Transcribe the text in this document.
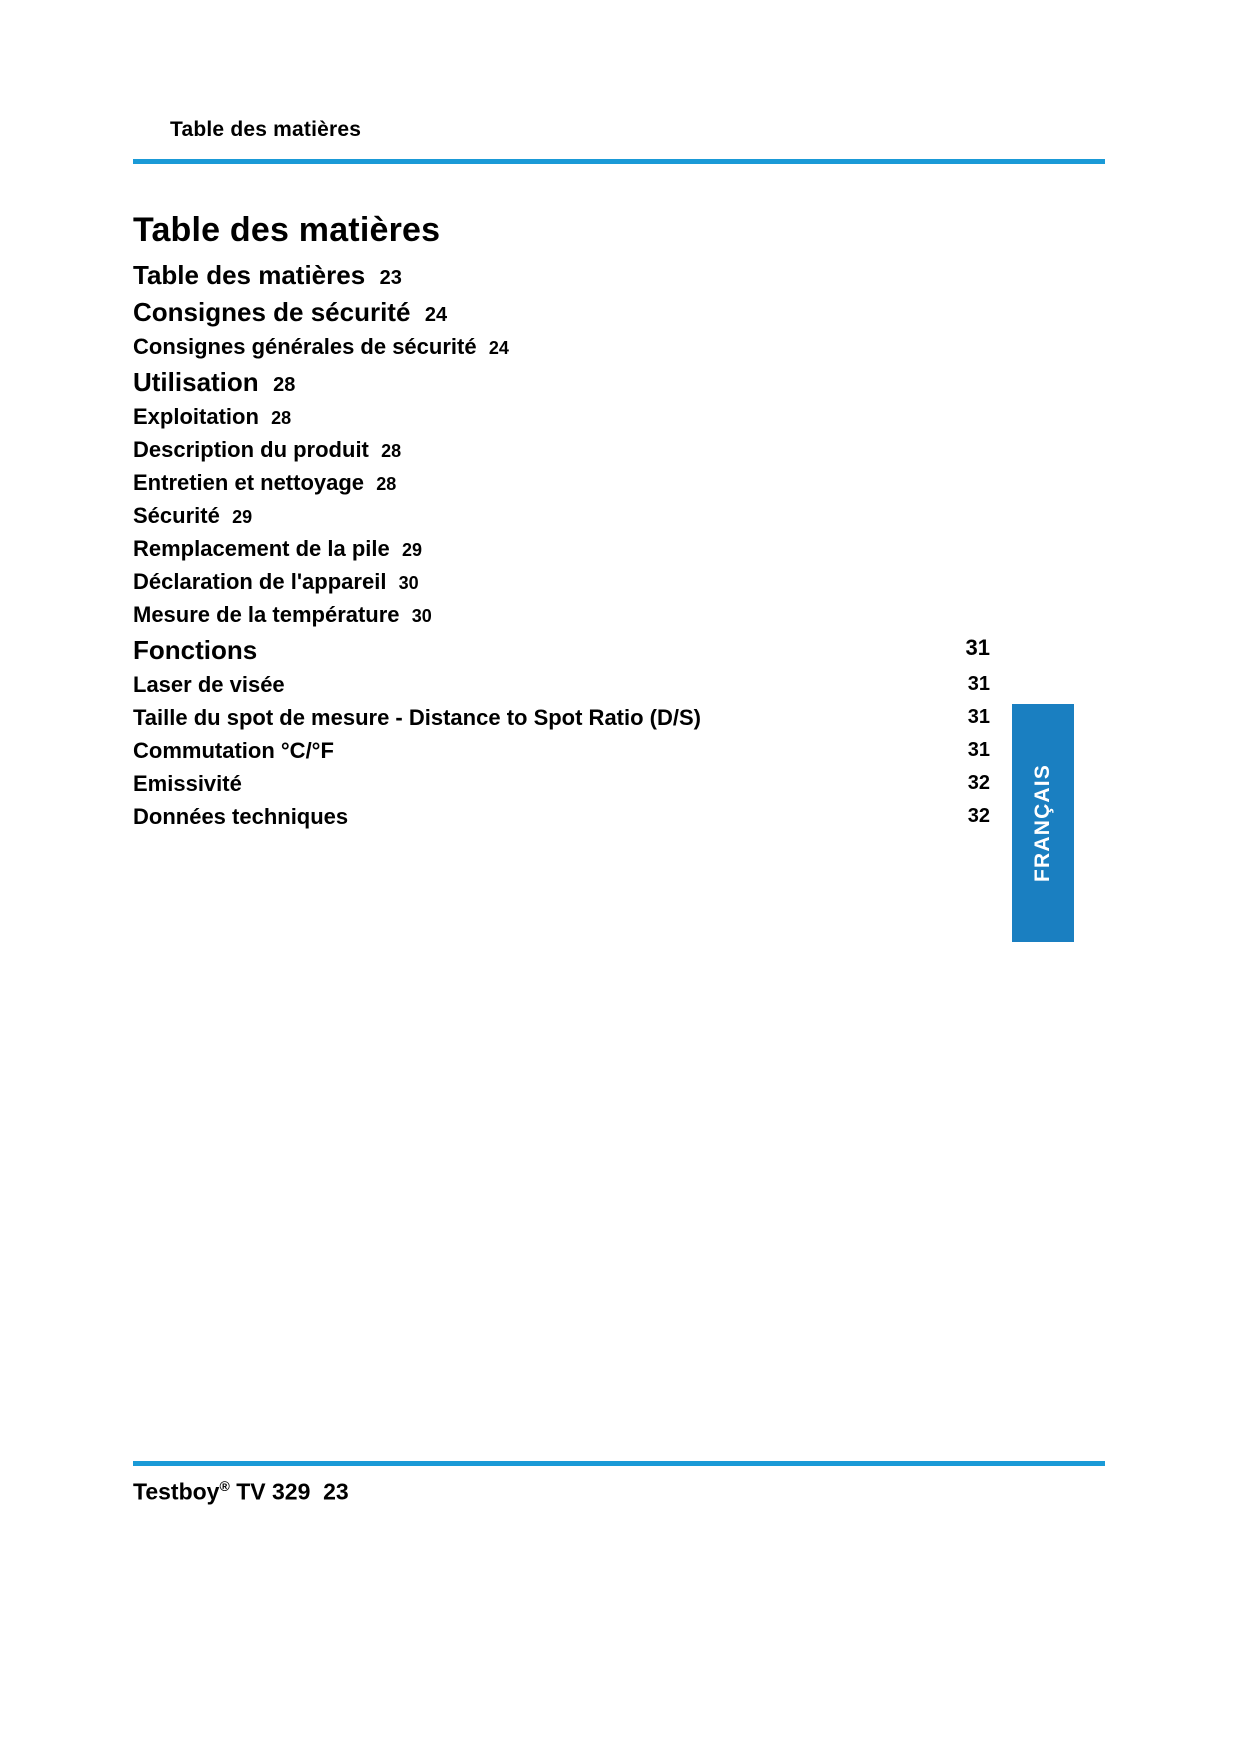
Table des matières
Table des matières
Table des matières 23
Consignes de sécurité 24
Consignes générales de sécurité 24
Utilisation 28
Exploitation 28
Description du produit 28
Entretien et nettoyage 28
Sécurité 29
Remplacement de la pile 29
Déclaration de l'appareil 30
Mesure de la température 30
Fonctions	31
Laser de visée	31
Taille du spot de mesure - Distance to Spot Ratio (D/S)	31
Commutation °C/°F	31
Emissivité	32
Données techniques	32 FRANÇAIS
Testboy® TV 329 23
